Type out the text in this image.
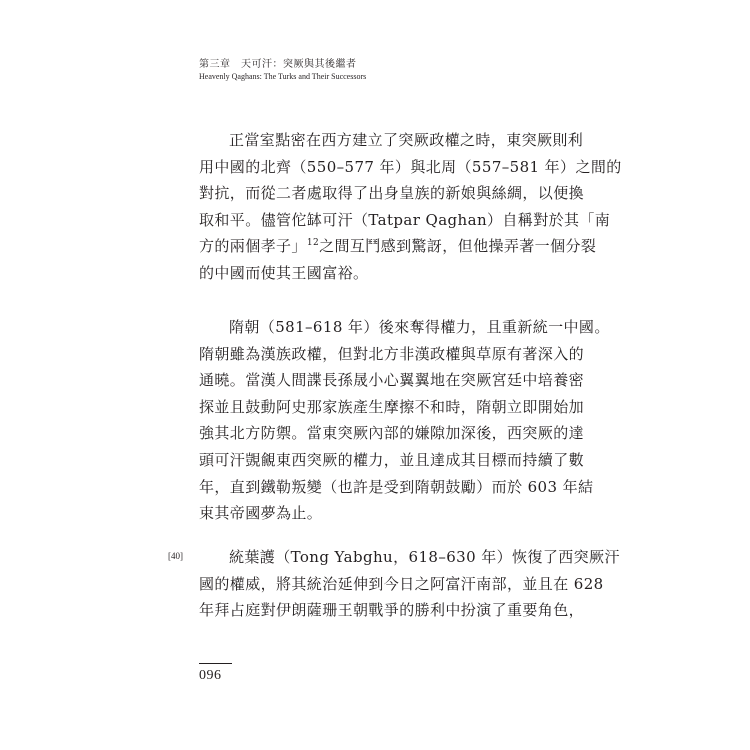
第三章　天可汗：突厥與其後繼者
Heavenly Qaghans: The Turks and Their Successors
正當室點密在西方建立了突厥政權之時，東突厥則利
用中國的北齊（550–577 年）與北周（557–581 年）之間的
對抗，而從二者處取得了出身皇族的新娘與絲綢，以便換
取和平。儘管佗缽可汗（Tatpar Qaghan）自稱對於其「南
方的兩個孝子」$^{12}$之間互鬥感到驚訝，但他操弄著一個分裂
的中國而使其王國富裕。
隋朝（581–618 年）後來奪得權力，且重新統一中國。
隋朝雖為漢族政權，但對北方非漢政權與草原有著深入的
通曉。當漢人間諜長孫晟小心翼翼地在突厥宮廷中培養密
探並且鼓動阿史那家族產生摩擦不和時，隋朝立即開始加
強其北方防禦。當東突厥內部的嫌隙加深後，西突厥的達
頭可汗覬覦東西突厥的權力，並且達成其目標而持續了數
年，直到鐵勒叛變（也許是受到隋朝鼓勵）而於 603 年結
束其帝國夢為止。
[40]	統葉護（Tong Yabghu，618–630 年）恢復了西突厥汗
國的權威，將其統治延伸到今日之阿富汗南部，並且在 628
年拜占庭對伊朗薩珊王朝戰爭的勝利中扮演了重要角色，
096
